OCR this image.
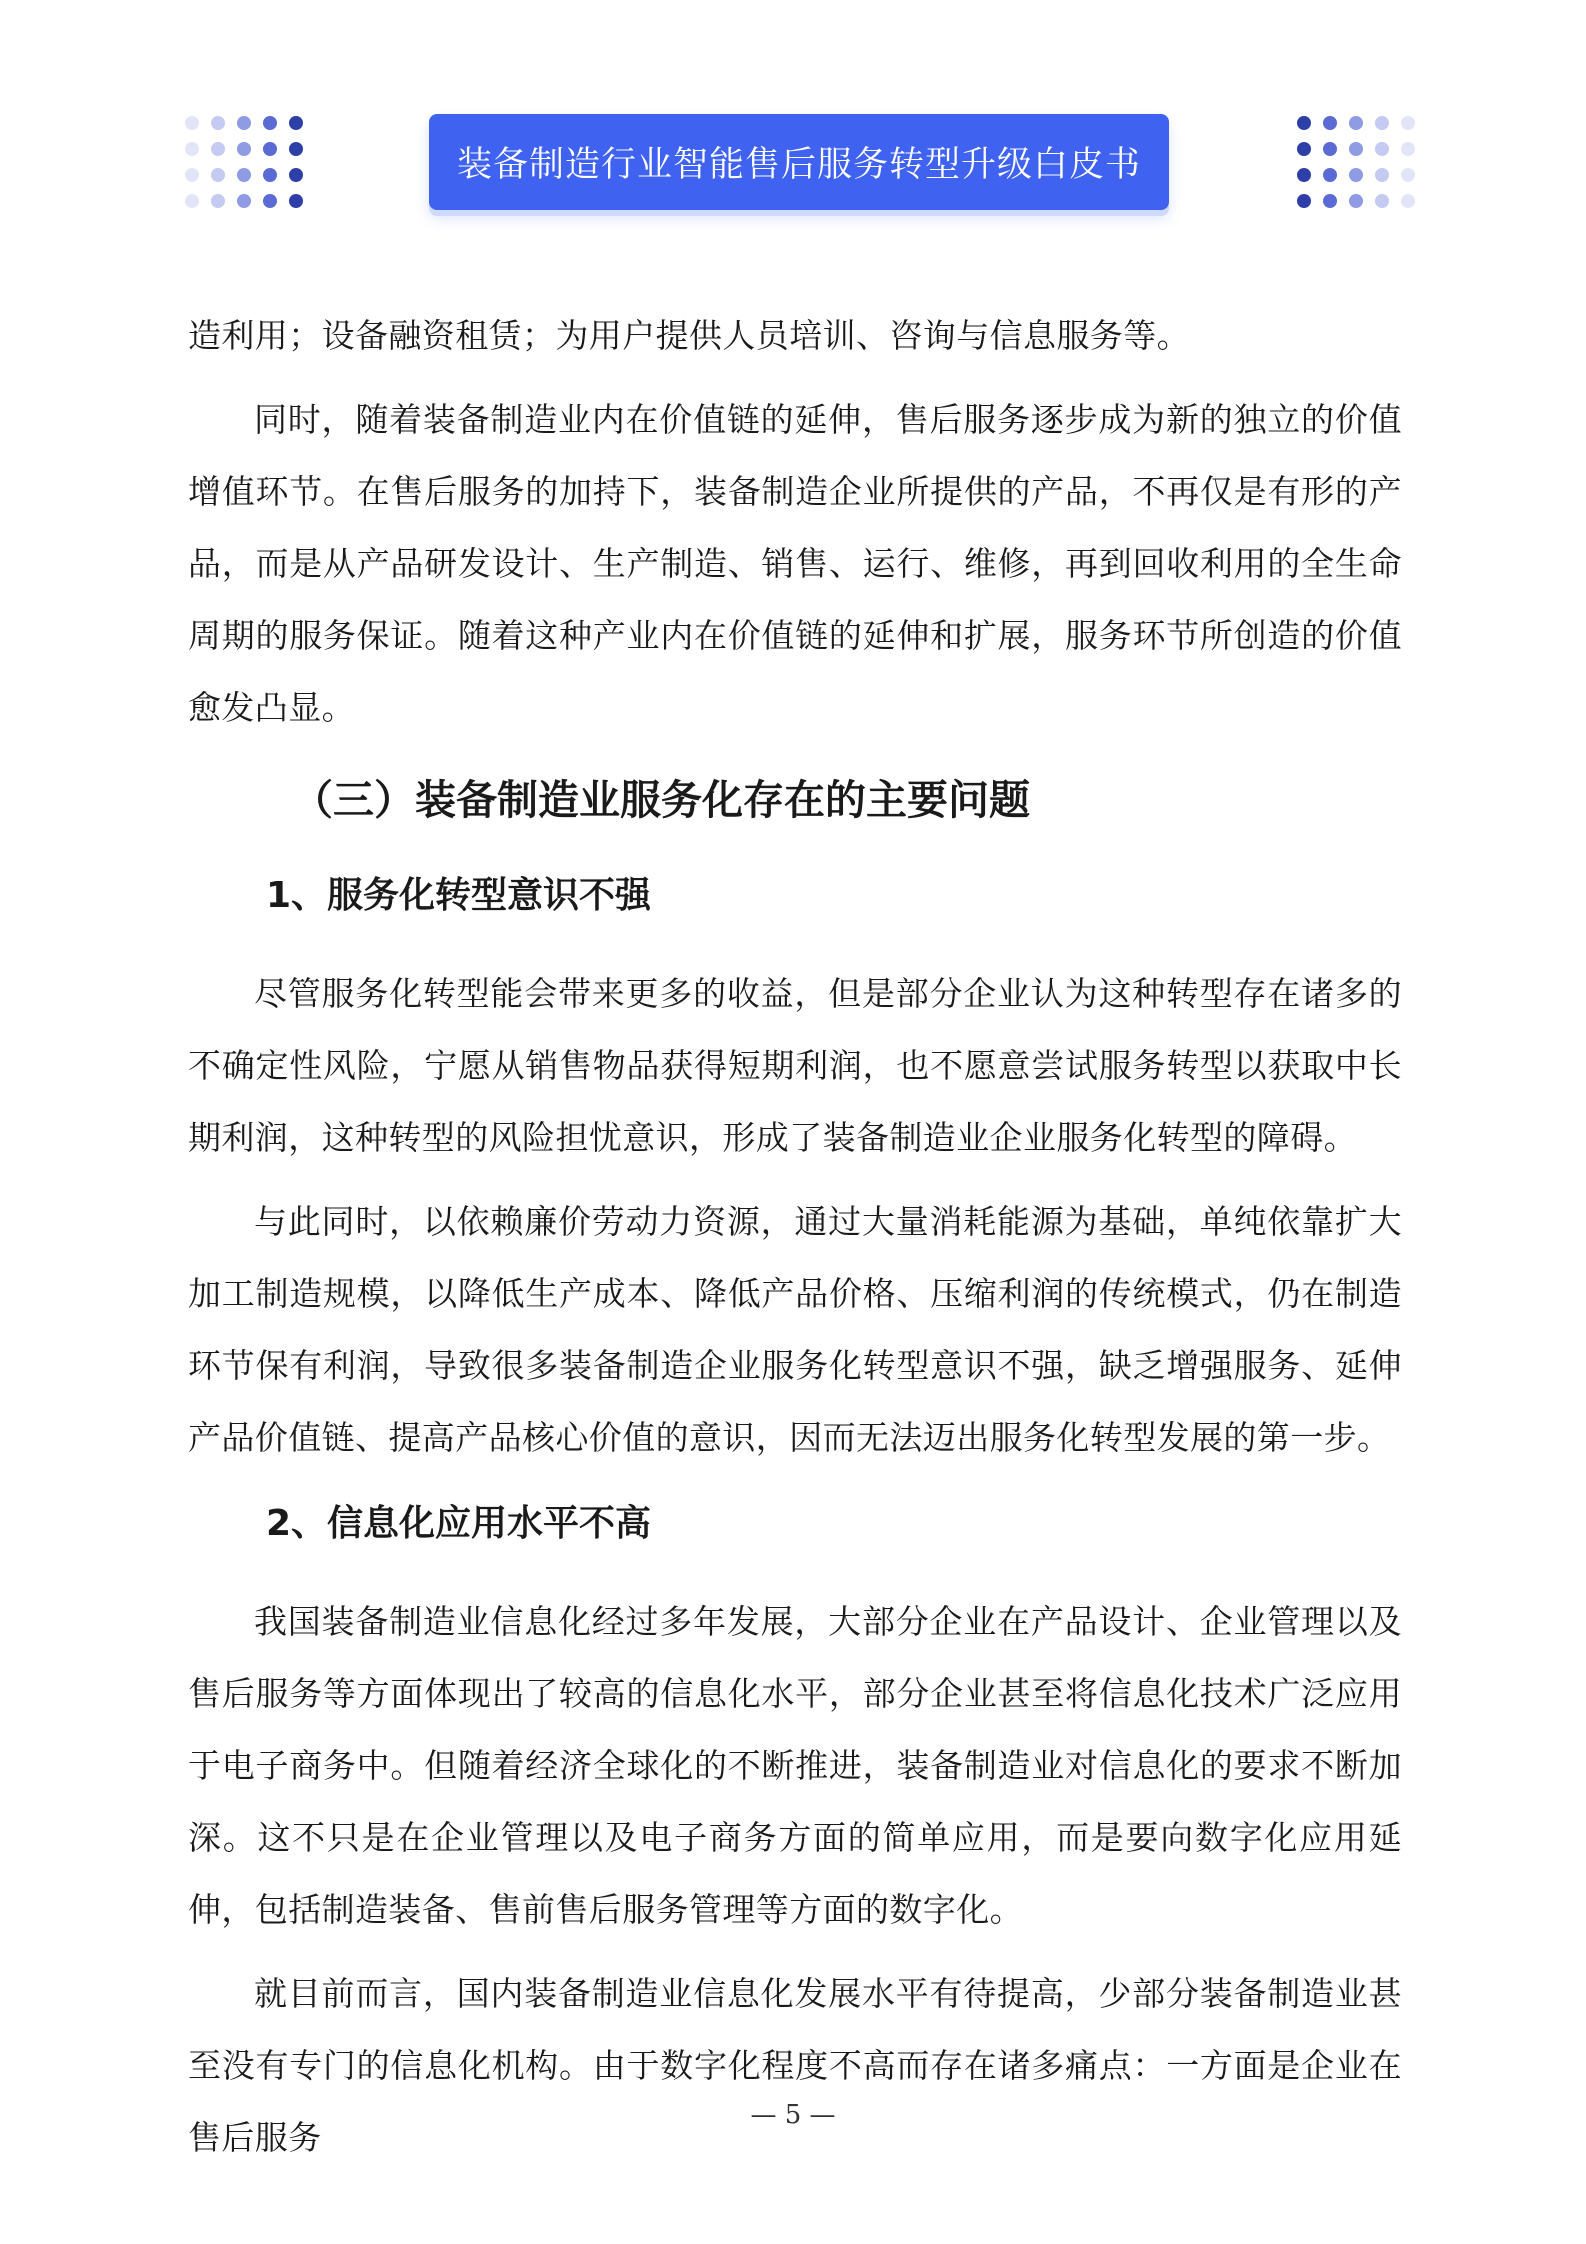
装备制造行业智能售后服务转型升级白皮书

造利用；设备融资租赁；为用户提供人员培训、咨询与信息服务等。

同时，随着装备制造业内在价值链的延伸，售后服务逐步成为新的独立的价值增值环节。在售后服务的加持下，装备制造企业所提供的产品，不再仅是有形的产品，而是从产品研发设计、生产制造、销售、运行、维修，再到回收利用的全生命周期的服务保证。随着这种产业内在价值链的延伸和扩展，服务环节所创造的价值愈发凸显。

（三）装备制造业服务化存在的主要问题
1、服务化转型意识不强

尽管服务化转型能会带来更多的收益，但是部分企业认为这种转型存在诸多的不确定性风险，宁愿从销售物品获得短期利润，也不愿意尝试服务转型以获取中长期利润，这种转型的风险担忧意识，形成了装备制造业企业服务化转型的障碍。

与此同时，以依赖廉价劳动力资源，通过大量消耗能源为基础，单纯依靠扩大加工制造规模，以降低生产成本、降低产品价格、压缩利润的传统模式，仍在制造环节保有利润，导致很多装备制造企业服务化转型意识不强，缺乏增强服务、延伸产品价值链、提高产品核心价值的意识，因而无法迈出服务化转型发展的第一步。

2、信息化应用水平不高

我国装备制造业信息化经过多年发展，大部分企业在产品设计、企业管理以及售后服务等方面体现出了较高的信息化水平，部分企业甚至将信息化技术广泛应用于电子商务中。但随着经济全球化的不断推进，装备制造业对信息化的要求不断加深。这不只是在企业管理以及电子商务方面的简单应用，而是要向数字化应用延伸，包括制造装备、售前售后服务管理等方面的数字化。

就目前而言，国内装备制造业信息化发展水平有待提高，少部分装备制造业甚至没有专门的信息化机构。由于数字化程度不高而存在诸多痛点：一方面是企业在售后服务

— 5 —
